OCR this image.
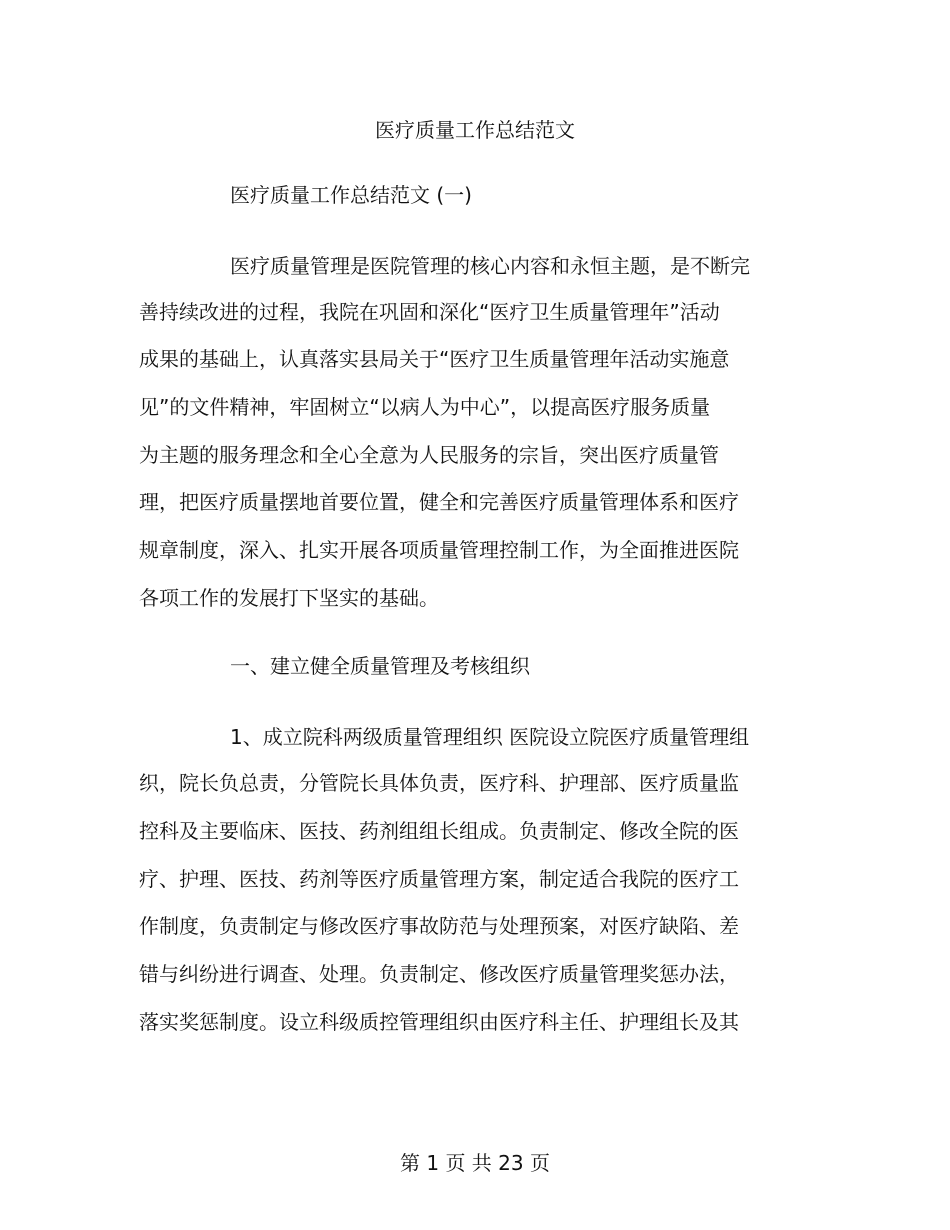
医疗质量工作总结范文
医疗质量工作总结范文 (一)
医疗质量管理是医院管理的核心内容和永恒主题，是不断完
善持续改进的过程，我院在巩固和深化“医疗卫生质量管理年”活动
成果的基础上，认真落实县局关于“医疗卫生质量管理年活动实施意
见”的文件精神，牢固树立“以病人为中心”，以提高医疗服务质量
为主题的服务理念和全心全意为人民服务的宗旨，突出医疗质量管
理，把医疗质量摆地首要位置，健全和完善医疗质量管理体系和医疗
规章制度，深入、扎实开展各项质量管理控制工作，为全面推进医院
各项工作的发展打下坚实的基础。
一、建立健全质量管理及考核组织
1、成立院科两级质量管理组织 医院设立院医疗质量管理组
织，院长负总责，分管院长具体负责，医疗科、护理部、医疗质量监
控科及主要临床、医技、药剂组组长组成。负责制定、修改全院的医
疗、护理、医技、药剂等医疗质量管理方案，制定适合我院的医疗工
作制度，负责制定与修改医疗事故防范与处理预案，对医疗缺陷、差
错与纠纷进行调查、处理。负责制定、修改医疗质量管理奖惩办法，
落实奖惩制度。设立科级质控管理组织由医疗科主任、护理组长及其
第 1 页 共 23 页
